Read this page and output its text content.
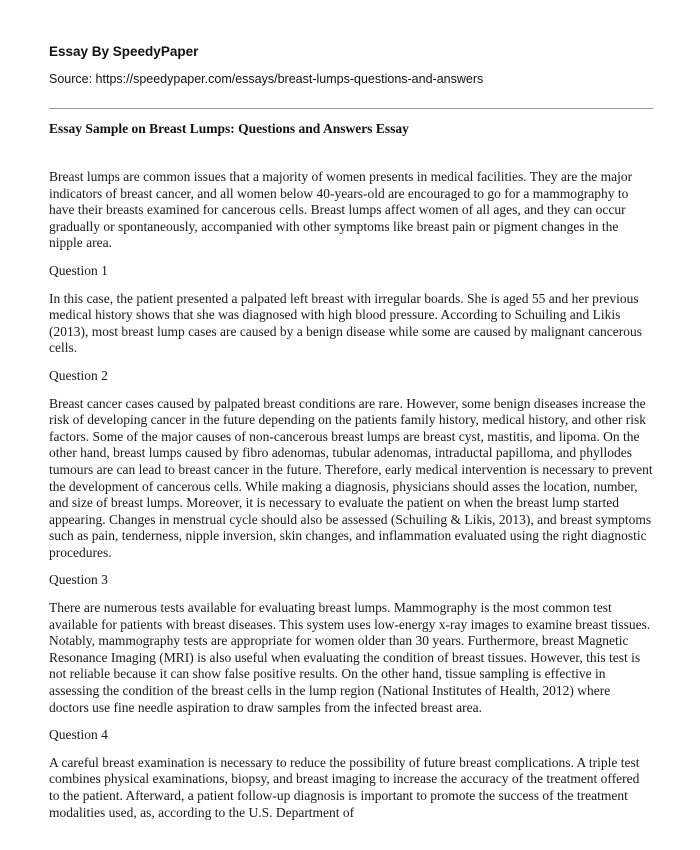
Essay By SpeedyPaper
Source: https://speedypaper.com/essays/breast-lumps-questions-and-answers
Essay Sample on Breast Lumps: Questions and Answers Essay

Breast lumps are common issues that a majority of women presents in medical facilities. They are the major indicators of breast cancer, and all women below 40-years-old are encouraged to go for a mammography to have their breasts examined for cancerous cells. Breast lumps affect women of all ages, and they can occur gradually or spontaneously, accompanied with other symptoms like breast pain or pigment changes in the nipple area.

Question 1

In this case, the patient presented a palpated left breast with irregular boards. She is aged 55 and her previous medical history shows that she was diagnosed with high blood pressure. According to Schuiling and Likis (2013), most breast lump cases are caused by a benign disease while some are caused by malignant cancerous cells.

Question 2

Breast cancer cases caused by palpated breast conditions are rare. However, some benign diseases increase the risk of developing cancer in the future depending on the patients family history, medical history, and other risk factors. Some of the major causes of non-cancerous breast lumps are breast cyst, mastitis, and lipoma. On the other hand, breast lumps caused by fibro adenomas, tubular adenomas, intraductal papilloma, and phyllodes tumours are can lead to breast cancer in the future. Therefore, early medical intervention is necessary to prevent the development of cancerous cells. While making a diagnosis, physicians should asses the location, number, and size of breast lumps. Moreover, it is necessary to evaluate the patient on when the breast lump started appearing. Changes in menstrual cycle should also be assessed (Schuiling & Likis, 2013), and breast symptoms such as pain, tenderness, nipple inversion, skin changes, and inflammation evaluated using the right diagnostic procedures.

Question 3

There are numerous tests available for evaluating breast lumps. Mammography is the most common test available for patients with breast diseases. This system uses low-energy x-ray images to examine breast tissues. Notably, mammography tests are appropriate for women older than 30 years. Furthermore, breast Magnetic Resonance Imaging (MRI) is also useful when evaluating the condition of breast tissues. However, this test is not reliable because it can show false positive results. On the other hand, tissue sampling is effective in assessing the condition of the breast cells in the lump region (National Institutes of Health, 2012) where doctors use fine needle aspiration to draw samples from the infected breast area.

Question 4

A careful breast examination is necessary to reduce the possibility of future breast complications. A triple test combines physical examinations, biopsy, and breast imaging to increase the accuracy of the treatment offered to the patient. Afterward, a patient follow-up diagnosis is important to promote the success of the treatment modalities used, as, according to the U.S. Department of
